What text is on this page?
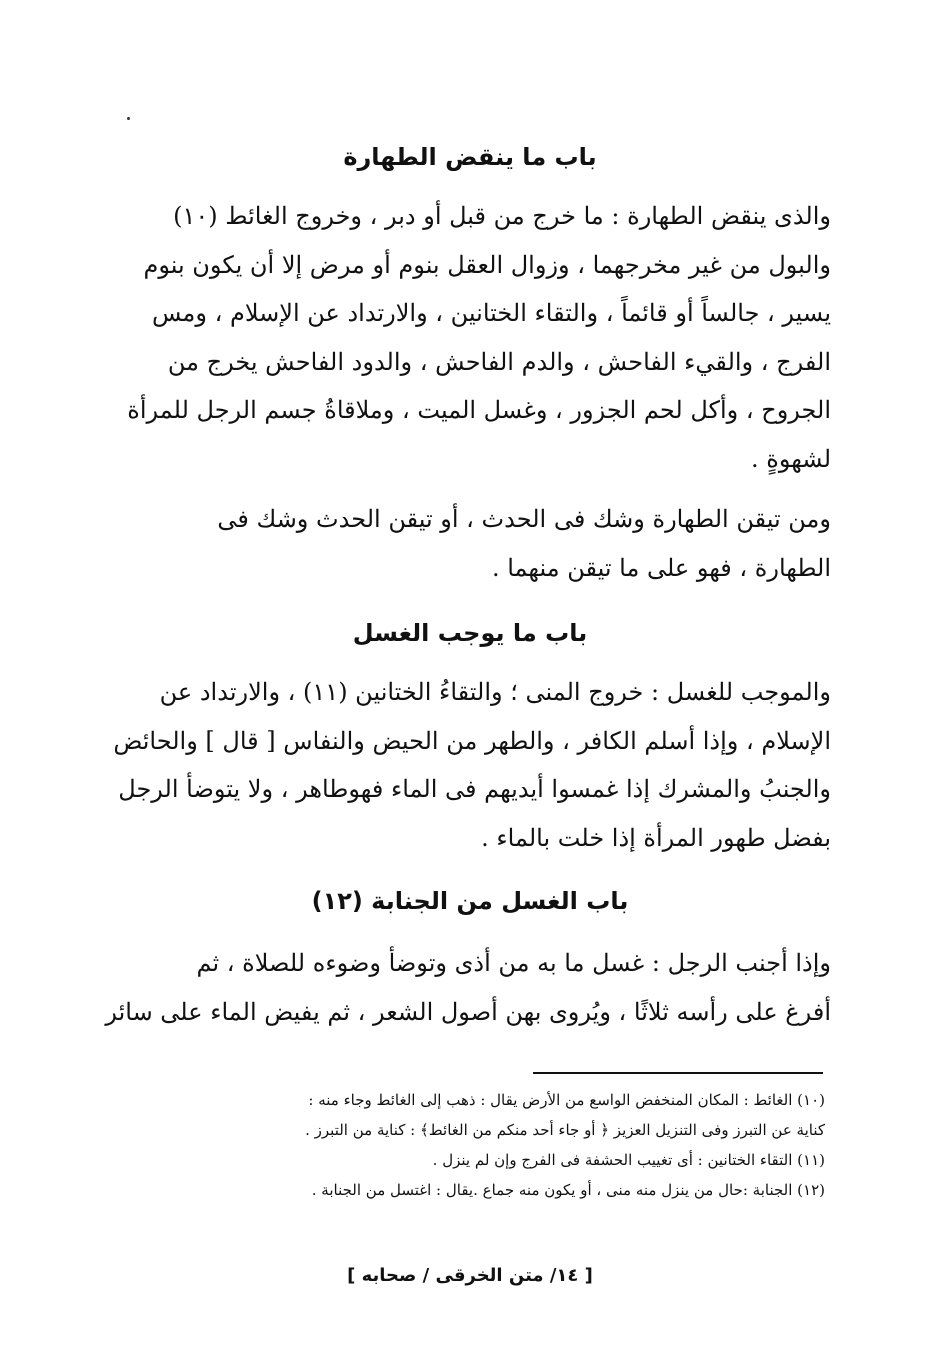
باب ما ينقض الطهارة
والذى ينقض الطهارة : ما خرج من قبل أو دبر ، وخروج الغائط (١٠)
والبول من غير مخرجهما ، وزوال العقل بنوم أو مرض إلا أن يكون بنوم
يسير ، جالساً أو قائماً ، والتقاء الختانين ، والارتداد عن الإسلام ، ومس
الفرج ، والقيء الفاحش ، والدم الفاحش ، والدود الفاحش يخرج من
الجروح ، وأكل لحم الجزور ، وغسل الميت ، وملاقاةُ جسم الرجل للمرأة
لشهوةٍ .
ومن تيقن الطهارة وشك فى الحدث ، أو تيقن الحدث وشك فى
الطهارة ، فهو على ما تيقن منهما .
باب ما يوجب الغسل
والموجب للغسل : خروج المنى ؛ والتقاءُ الختانين (١١) ، والارتداد عن
الإسلام ، وإذا أسلم الكافر ، والطهر من الحيض والنفاس [ قال ] والحائض
والجنبُ والمشرك إذا غمسوا أيديهم فى الماء فهوطاهر ، ولا يتوضأ الرجل
بفضل طهور المرأة إذا خلت بالماء .
باب الغسل من الجنابة (١٢)
وإذا أجنب الرجل : غسل ما به من أذى وتوضأ وضوءه للصلاة ، ثم
أفرغ على رأسه ثلاثًا ، ويُروى بهن أصول الشعر ، ثم يفيض الماء على سائر
(١٠) الغائط : المكان المنخفض الواسع من الأرض يقال : ذهب إلى الغائط وجاء منه :
كناية عن التبرز وفى التنزيل العزيز ﴿ أو جاء أحد منكم من الغائط﴾ : كناية من التبرز .
(١١) التقاء الختانين : أى تغييب الحشفة فى الفرج وإن لم ينزل .
(١٢) الجنابة :حال من ينزل منه منى ، أو يكون منه جماع .يقال : اغتسل من الجنابة .
[ ١٤/ متن الخرقى / صحابه ]
